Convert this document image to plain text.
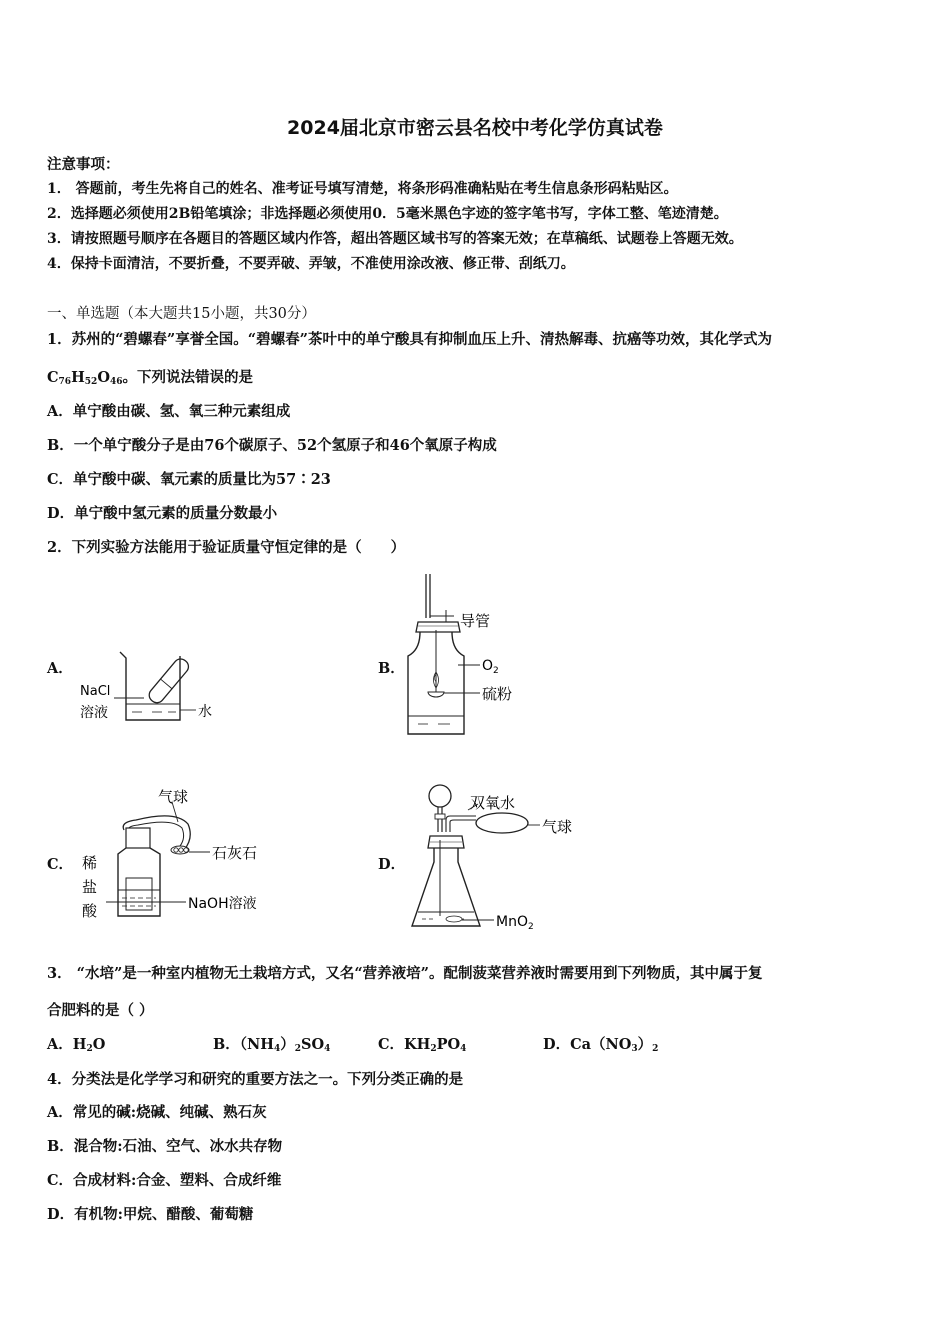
2024届北京市密云县名校中考化学仿真试卷
注意事项：
1． 答题前，考生先将自己的姓名、准考证号填写清楚，将条形码准确粘贴在考生信息条形码粘贴区。
2．选择题必须使用2B铅笔填涂；非选择题必须使用0．5毫米黑色字迹的签字笔书写，字体工整、笔迹清楚。
3．请按照题号顺序在各题目的答题区域内作答，超出答题区域书写的答案无效；在草稿纸、试题卷上答题无效。
4．保持卡面清洁，不要折叠，不要弄破、弄皱，不准使用涂改液、修正带、刮纸刀。
一、单选题（本大题共15小题，共30分）
1．苏州的“碧螺春”享誉全国。“碧螺春”茶叶中的单宁酸具有抑制血压上升、清热解毒、抗癌等功效，其化学式为
$C_{76}H_{52}O_{46}$。下列说法错误的是
A．单宁酸由碳、氢、氧三种元素组成
B．一个单宁酸分子是由76个碳原子、52个氢原子和46个氧原子构成
C．单宁酸中碳、氧元素的质量比为57∶23
D．单宁酸中氢元素的质量分数最小
2．下列实验方法能用于验证质量守恒定律的是（　　）
A．	B．
C．	D．
NaCl
溶液	水
导管
$O_2$
硫粉
气球
石灰石
稀
盐
酸	NaOH溶液
双氧水
气球
MnO$_2$
3． “水培”是一种室内植物无土栽培方式，又名“营养液培”。配制菠菜营养液时需要用到下列物质，其中属于复
合肥料的是（ ）
A．$H_2O$	B．$(NH_4)_2SO_4$	C．$KH_2PO_4$	D．$Ca(NO_3)_2$
4．分类法是化学学习和研究的重要方法之一。下列分类正确的是
A．常见的碱:烧碱、纯碱、熟石灰
B．混合物:石油、空气、冰水共存物
C．合成材料:合金、塑料、合成纤维
D．有机物:甲烷、醋酸、葡萄糖
